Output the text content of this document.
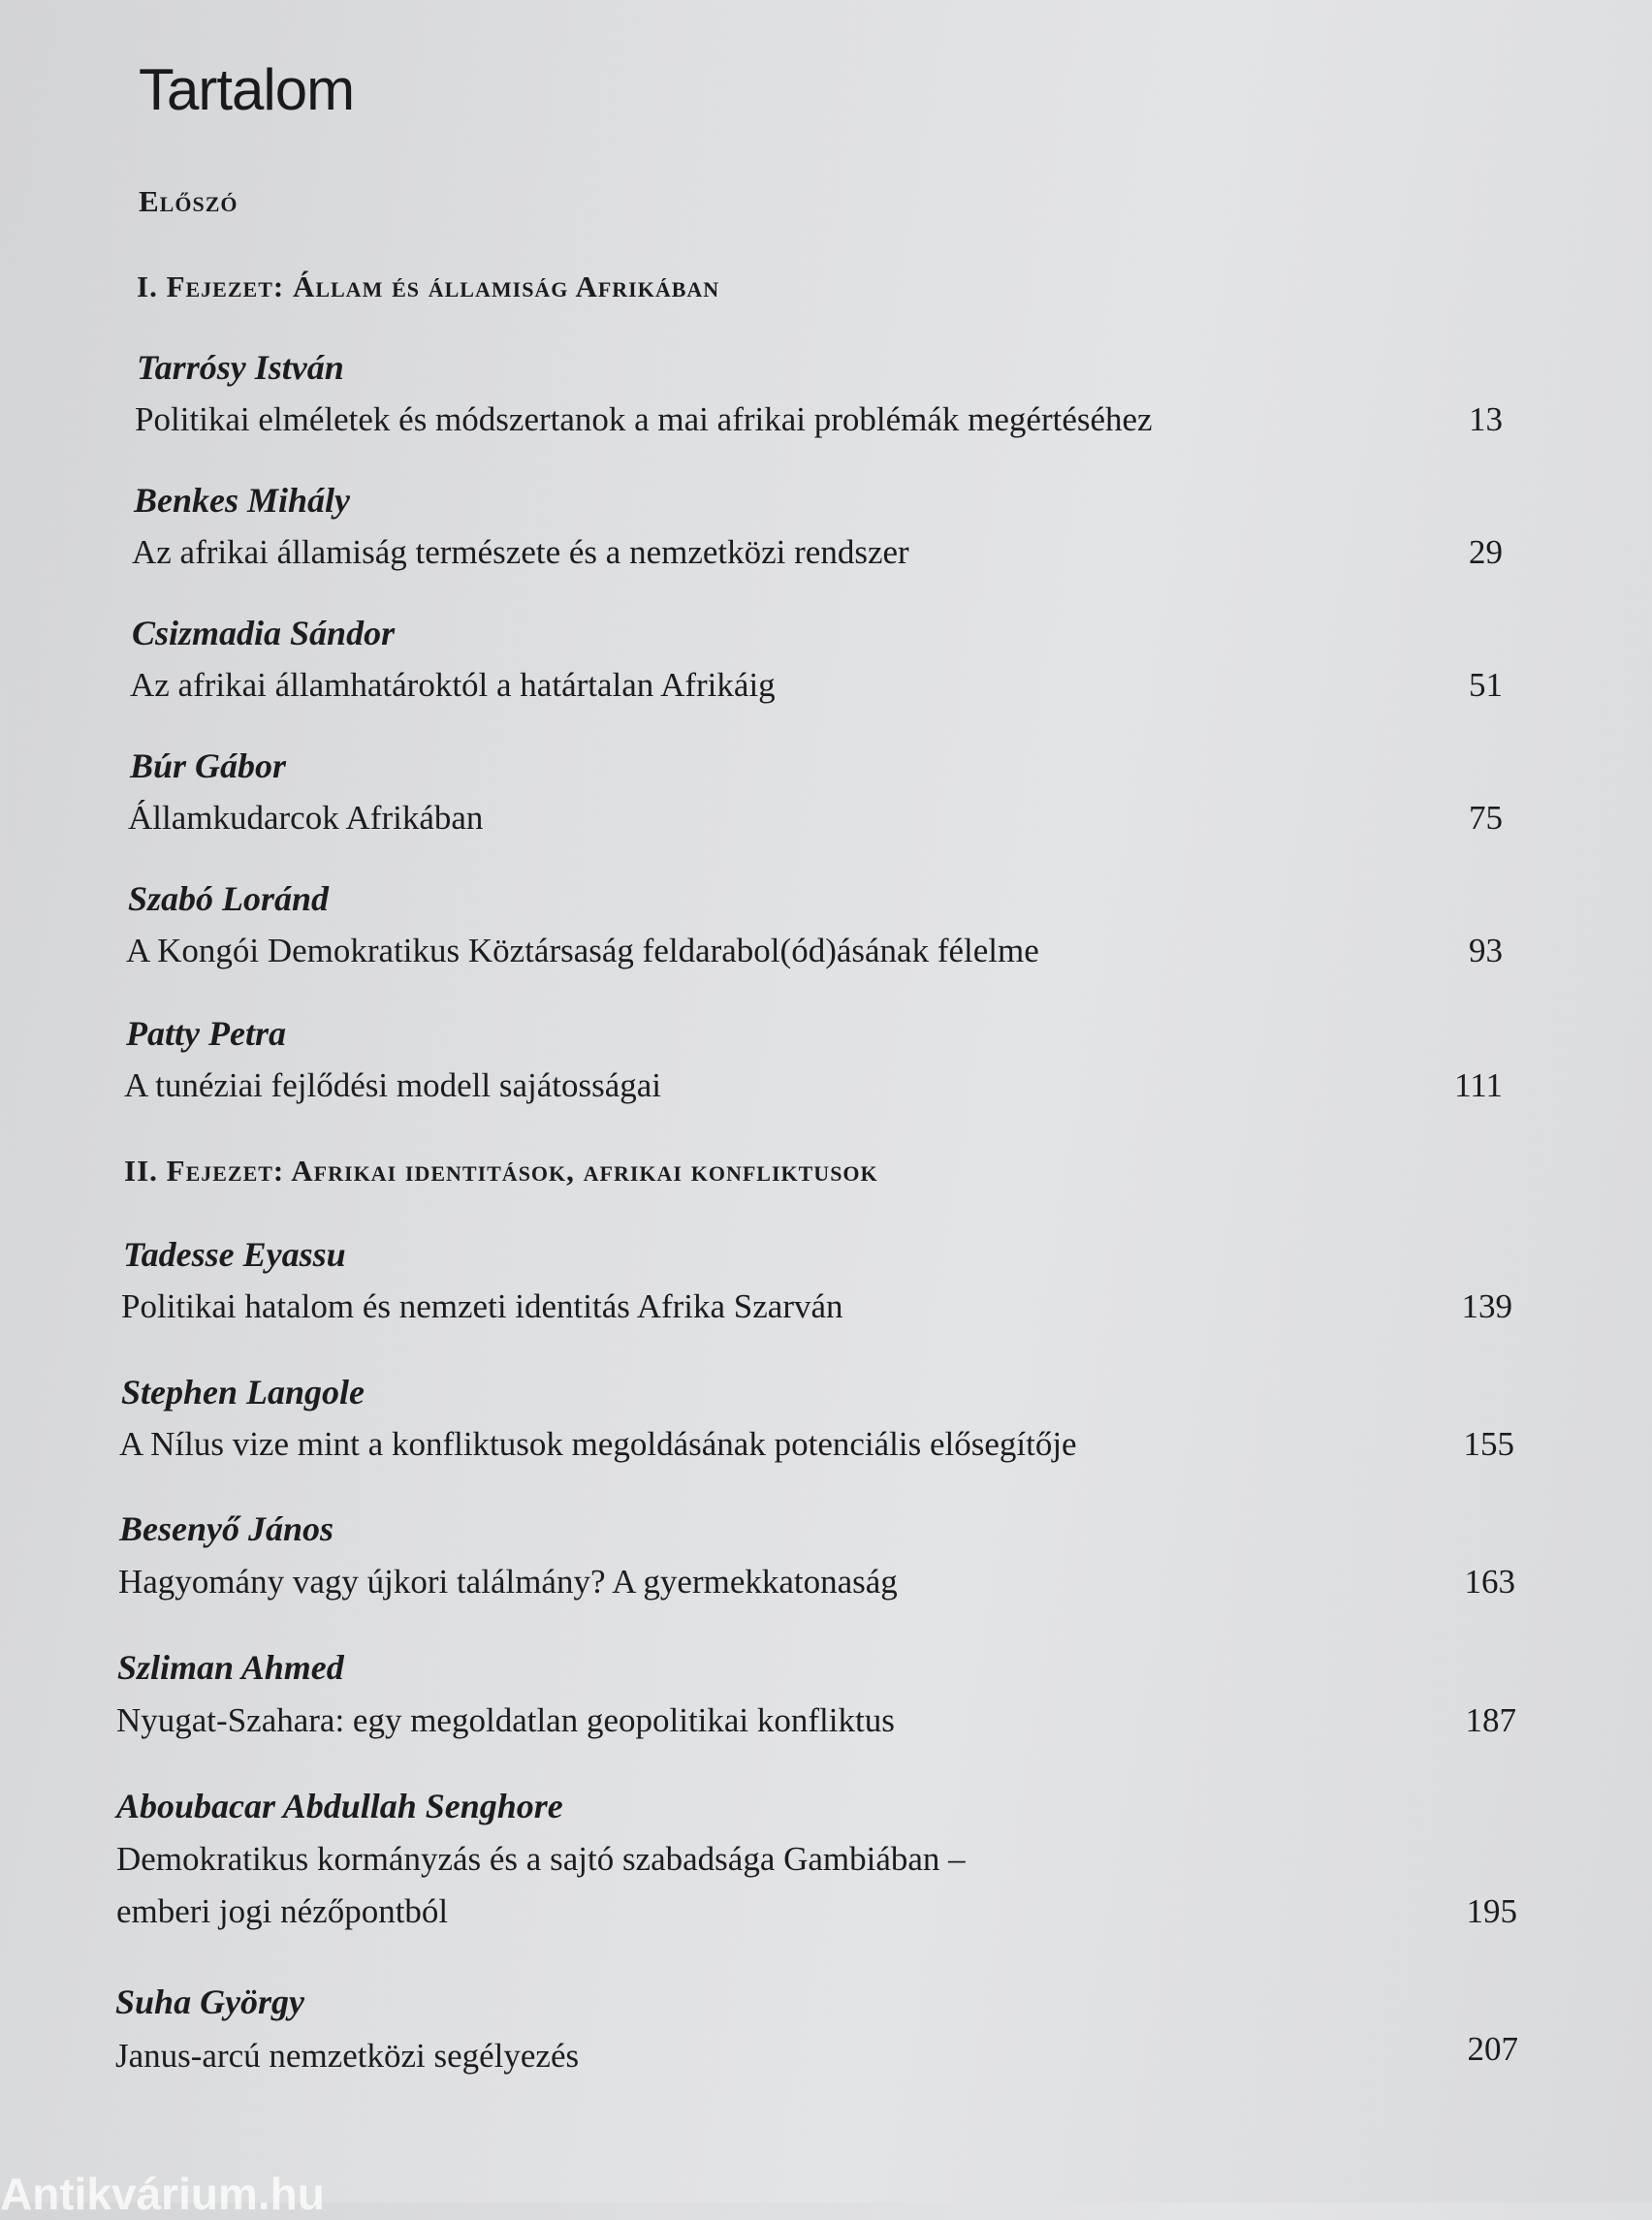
Tartalom
Előszó
I. Fejezet: Állam és államiság Afrikában
Tarrósy István
Politikai elméletek és módszertanok a mai afrikai problémák megértéséhez	13
Benkes Mihály
Az afrikai államiság természete és a nemzetközi rendszer	29
Csizmadia Sándor
Az afrikai államhatároktól a határtalan Afrikáig	51
Búr Gábor
Államkudarcok Afrikában	75
Szabó Loránd
A Kongói Demokratikus Köztársaság feldarabol(ód)ásának félelme	93
Patty Petra
A tunéziai fejlődési modell sajátosságai	111
II. Fejezet: Afrikai identitások, afrikai konfliktusok
Tadesse Eyassu
Politikai hatalom és nemzeti identitás Afrika Szarván	139
Stephen Langole
A Nílus vize mint a konfliktusok megoldásának potenciális elősegítője	155
Besenyő János
Hagyomány vagy újkori találmány? A gyermekkatonaság	163
Szliman Ahmed
Nyugat-Szahara: egy megoldatlan geopolitikai konfliktus	187
Aboubacar Abdullah Senghore
Demokratikus kormányzás és a sajtó szabadsága Gambiában –
emberi jogi nézőpontból	195
Suha György
Janus-arcú nemzetközi segélyezés	207
Antikvárium.hu
